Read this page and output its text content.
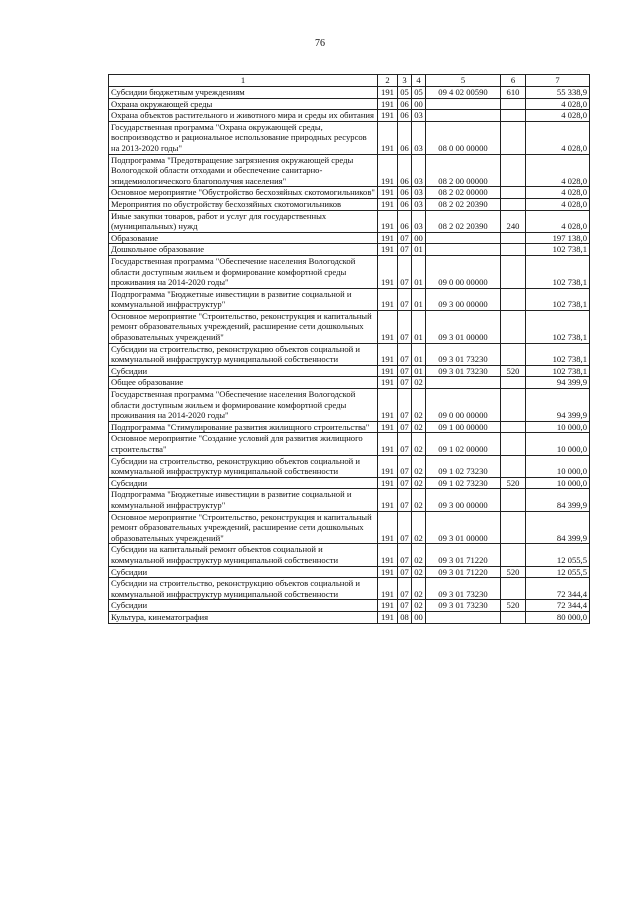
76
1	2	3	4	5	6	7
Субсидии бюджетным учреждениям	191	05	05	09 4 02 00590	610	55 338,9
Охрана окружающей среды	191	06	00			4 028,0
Охрана объектов растительного и животного мира и среды их обитания	191	06	03			4 028,0
Государственная программа "Охрана окружающей среды, воспроизводство и рациональное использование природных ресурсов на 2013-2020 годы"	191	06	03	08 0 00 00000		4 028,0
Подпрограмма "Предотвращение загрязнения окружающей среды Вологодской области отходами и обеспечение санитарно-эпидемиологического благополучия населения"	191	06	03	08 2 00 00000		4 028,0
Основное мероприятие "Обустройство бесхозяйных скотомогильников"	191	06	03	08 2 02 00000		4 028,0
Мероприятия по обустройству бесхозяйных скотомогильников	191	06	03	08 2 02 20390		4 028,0
Иные закупки товаров, работ и услуг для государственных (муниципальных) нужд	191	06	03	08 2 02 20390	240	4 028,0
Образование	191	07	00			197 138,0
Дошкольное образование	191	07	01			102 738,1
Государственная программа "Обеспечение населения Вологодской области доступным жильем и формирование комфортной среды проживания на 2014-2020 годы"	191	07	01	09 0 00 00000		102 738,1
Подпрограмма "Бюджетные инвестиции в развитие социальной и коммунальной инфраструктур"	191	07	01	09 3 00 00000		102 738,1
Основное мероприятие "Строительство, реконструкция и капитальный ремонт образовательных учреждений, расширение сети дошкольных образовательных учреждений"	191	07	01	09 3 01 00000		102 738,1
Субсидии на строительство, реконструкцию объектов социальной и коммунальной инфраструктур муниципальной собственности	191	07	01	09 3 01 73230		102 738,1
Субсидии	191	07	01	09 3 01 73230	520	102 738,1
Общее образование	191	07	02			94 399,9
Государственная программа "Обеспечение населения Вологодской области доступным жильем и формирование комфортной среды проживания на 2014-2020 годы"	191	07	02	09 0 00 00000		94 399,9
Подпрограмма "Стимулирование развития жилищного строительства"	191	07	02	09 1 00 00000		10 000,0
Основное мероприятие "Создание условий для развития жилищного строительства"	191	07	02	09 1 02 00000		10 000,0
Субсидии на строительство, реконструкцию объектов социальной и коммунальной инфраструктур муниципальной собственности	191	07	02	09 1 02 73230		10 000,0
Субсидии	191	07	02	09 1 02 73230	520	10 000,0
Подпрограмма "Бюджетные инвестиции в развитие социальной и коммунальной инфраструктур"	191	07	02	09 3 00 00000		84 399,9
Основное мероприятие "Строительство, реконструкция и капитальный ремонт образовательных учреждений, расширение сети дошкольных образовательных учреждений"	191	07	02	09 3 01 00000		84 399,9
Субсидии на капитальный ремонт объектов социальной и коммунальной инфраструктур муниципальной собственности	191	07	02	09 3 01 71220		12 055,5
Субсидии	191	07	02	09 3 01 71220	520	12 055,5
Субсидии на строительство, реконструкцию объектов социальной и коммунальной инфраструктур муниципальной собственности	191	07	02	09 3 01 73230		72 344,4
Субсидии	191	07	02	09 3 01 73230	520	72 344,4
Культура, кинематография	191	08	00			80 000,0
